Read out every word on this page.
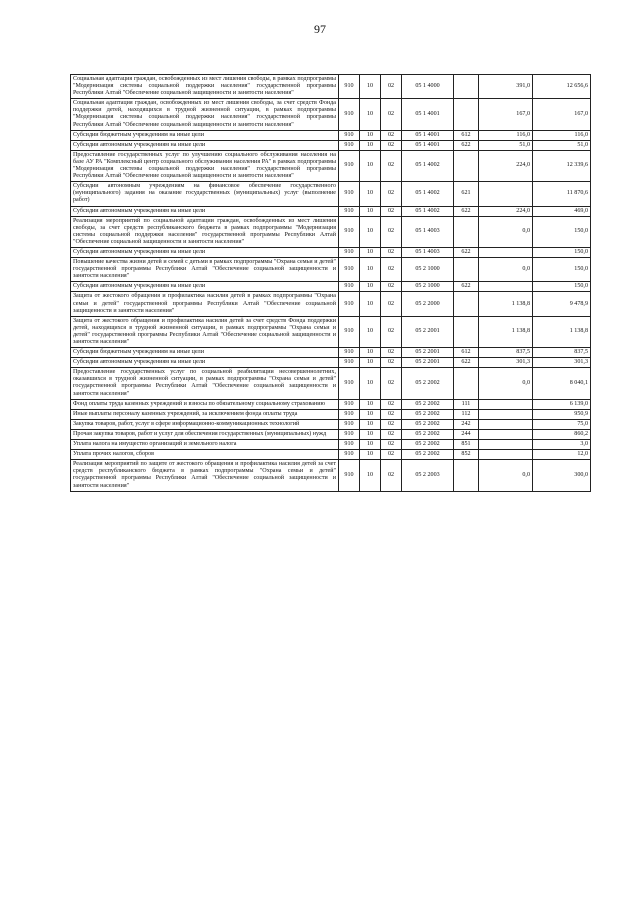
97
Социальная адаптация граждан, освобожденных из мест лишения свободы, в рамках подпрограммы "Модернизация системы социальной поддержки населения" государственной программы Республики Алтай "Обеспечение социальной защищенности и занятости населения"	910	10	02	05 1 4000		391,0	12 656,6
Социальная адаптация граждан, освобожденных из мест лишения свободы, за счет средств Фонда поддержки детей, находящихся в трудной жизненной ситуации, в рамках подпрограммы "Модернизация системы социальной поддержки населения" государственной программы Республики Алтай "Обеспечение социальной защищенности и занятости населения"	910	10	02	05 1 4001		167,0	167,0
Субсидии бюджетным учреждениям на иные цели	910	10	02	05 1 4001	612	116,0	116,0
Субсидии автономным учреждениям на иные цели	910	10	02	05 1 4001	622	51,0	51,0
Предоставление государственных услуг по улучшению социального обслуживания населения на базе АУ РА "Комплексный центр социального обслуживания населения РА" в рамках подпрограммы "Модернизация системы социальной поддержки населения" государственной программы Республики Алтай "Обеспечение социальной защищенности и занятости населения"	910	10	02	05 1 4002		224,0	12 339,6
Субсидии автономным учреждениям на финансовое обеспечение государственного (муниципального) задания на оказание государственных (муниципальных) услуг (выполнение работ)	910	10	02	05 1 4002	621		11 870,6
Субсидии автономным учреждениям на иные цели	910	10	02	05 1 4002	622	224,0	469,0
Реализация мероприятий по социальной адаптации граждан, освобожденных из мест лишения свободы, за счет средств республиканского бюджета в рамках подпрограммы "Модернизация системы социальной поддержки населения" государственной программы Республики Алтай "Обеспечение социальной защищенности и занятости населения"	910	10	02	05 1 4003		0,0	150,0
Субсидии автономным учреждениям на иные цели	910	10	02	05 1 4003	622		150,0
Повышение качества жизни детей и семей с детьми в рамках подпрограммы "Охрана семьи и детей" государственной программы Республики Алтай "Обеспечение социальной защищенности и занятости населения"	910	10	02	05 2 1000		0,0	150,0
Субсидии автономным учреждениям на иные цели	910	10	02	05 2 1000	622		150,0
Защита от жестокого обращения и профилактика насилия детей в рамках подпрограммы "Охрана семьи и детей" государственной программы Республики Алтай "Обеспечение социальной защищенности и занятости населения"	910	10	02	05 2 2000		1 138,8	9 478,9
Защита от жестокого обращения и профилактика насилия детей за счет средств Фонда поддержки детей, находящихся в трудной жизненной ситуации, в рамках подпрограммы "Охрана семьи и детей" государственной программы Республики Алтай "Обеспечение социальной защищенности и занятости населения"	910	10	02	05 2 2001		1 138,8	1 138,8
Субсидии бюджетным учреждениям на иные цели	910	10	02	05 2 2001	612	837,5	837,5
Субсидии автономным учреждениям на иные цели	910	10	02	05 2 2001	622	301,3	301,3
Предоставление государственных услуг по социальной реабилитации несовершеннолетних, оказавшихся в трудной жизненной ситуации, в рамках подпрограммы "Охрана семьи и детей" государственной программы Республики Алтай "Обеспечение социальной защищенности и занятости населения"	910	10	02	05 2 2002		0,0	8 040,1
Фонд оплаты труда казенных учреждений и взносы по обязательному социальному страхованию	910	10	02	05 2 2002	111		6 139,0
Иные выплаты персоналу казенных учреждений, за исключением фонда оплаты труда	910	10	02	05 2 2002	112		950,9
Закупка товаров, работ, услуг в сфере информационно-коммуникационных технологий	910	10	02	05 2 2002	242		75,0
Прочая закупка товаров, работ и услуг для обеспечения государственных (муниципальных) нужд	910	10	02	05 2 2002	244		860,2
Уплата налога на имущество организаций и земельного налога	910	10	02	05 2 2002	851		3,0
Уплата прочих налогов, сборов	910	10	02	05 2 2002	852		12,0
Реализация мероприятий по защите от жестокого обращения и профилактика насилия детей за счет средств республиканского бюджета в рамках подпрограммы "Охрана семьи и детей" государственной программы Республики Алтай "Обеспечение социальной защищенности и занятости населения"	910	10	02	05 2 2003		0,0	300,0
